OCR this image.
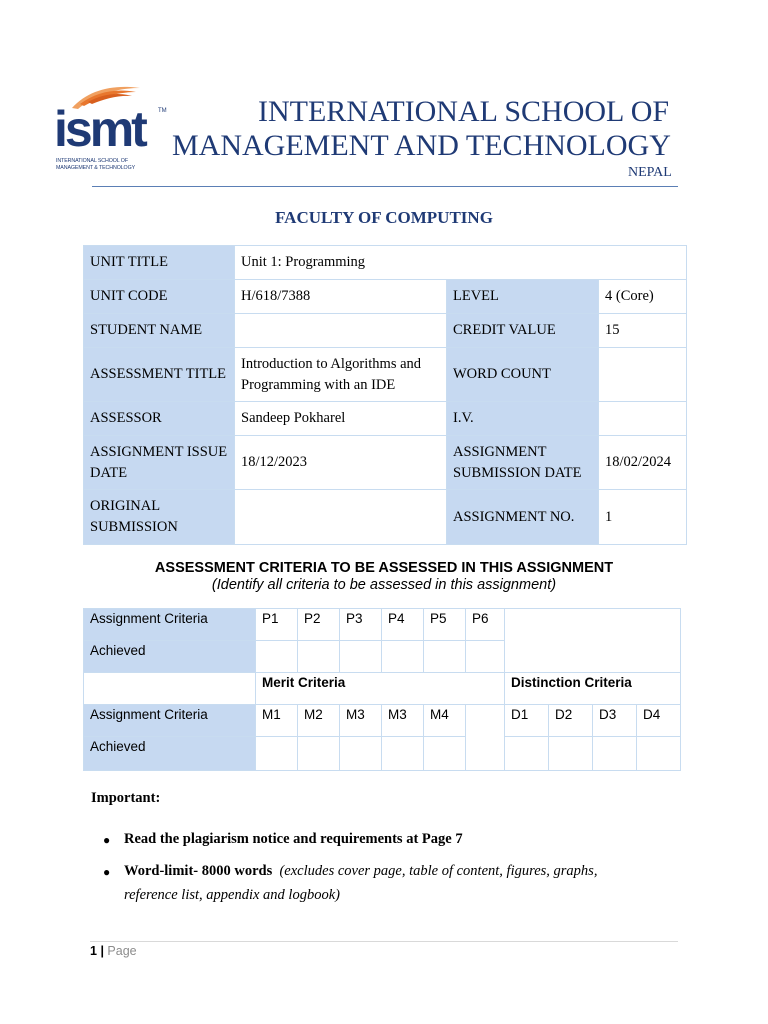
ismt TM
INTERNATIONAL SCHOOL OF
MANAGEMENT & TECHNOLOGY
INTERNATIONAL SCHOOL OF
MANAGEMENT AND TECHNOLOGY
NEPAL
FACULTY OF COMPUTING
UNIT TITLE	Unit 1: Programming		
UNIT CODE	H/618/7388	LEVEL	4 (Core)
STUDENT NAME		CREDIT VALUE	15
ASSESSMENT TITLE	Introduction to Algorithms and Programming with an IDE	WORD COUNT	
ASSESSOR	Sandeep Pokharel	I.V.	
ASSIGNMENT ISSUE DATE	18/12/2023	ASSIGNMENT SUBMISSION DATE	18/02/2024
ORIGINAL SUBMISSION		ASSIGNMENT NO.	1
ASSESSMENT CRITERIA TO BE ASSESSED IN THIS ASSIGNMENT
(Identify all criteria to be assessed in this assignment)
Assignment Criteria	P1	P2	P3	P4	P5	P6
Achieved
Merit Criteria	Distinction Criteria
Assignment Criteria	M1	M2	M3	M3	M4	D1	D2	D3	D4
Achieved
Important:
● Read the plagiarism notice and requirements at Page 7
● Word-limit- 8000 words (excludes cover page, table of content, figures, graphs,
reference list, appendix and logbook)
1 | Page
